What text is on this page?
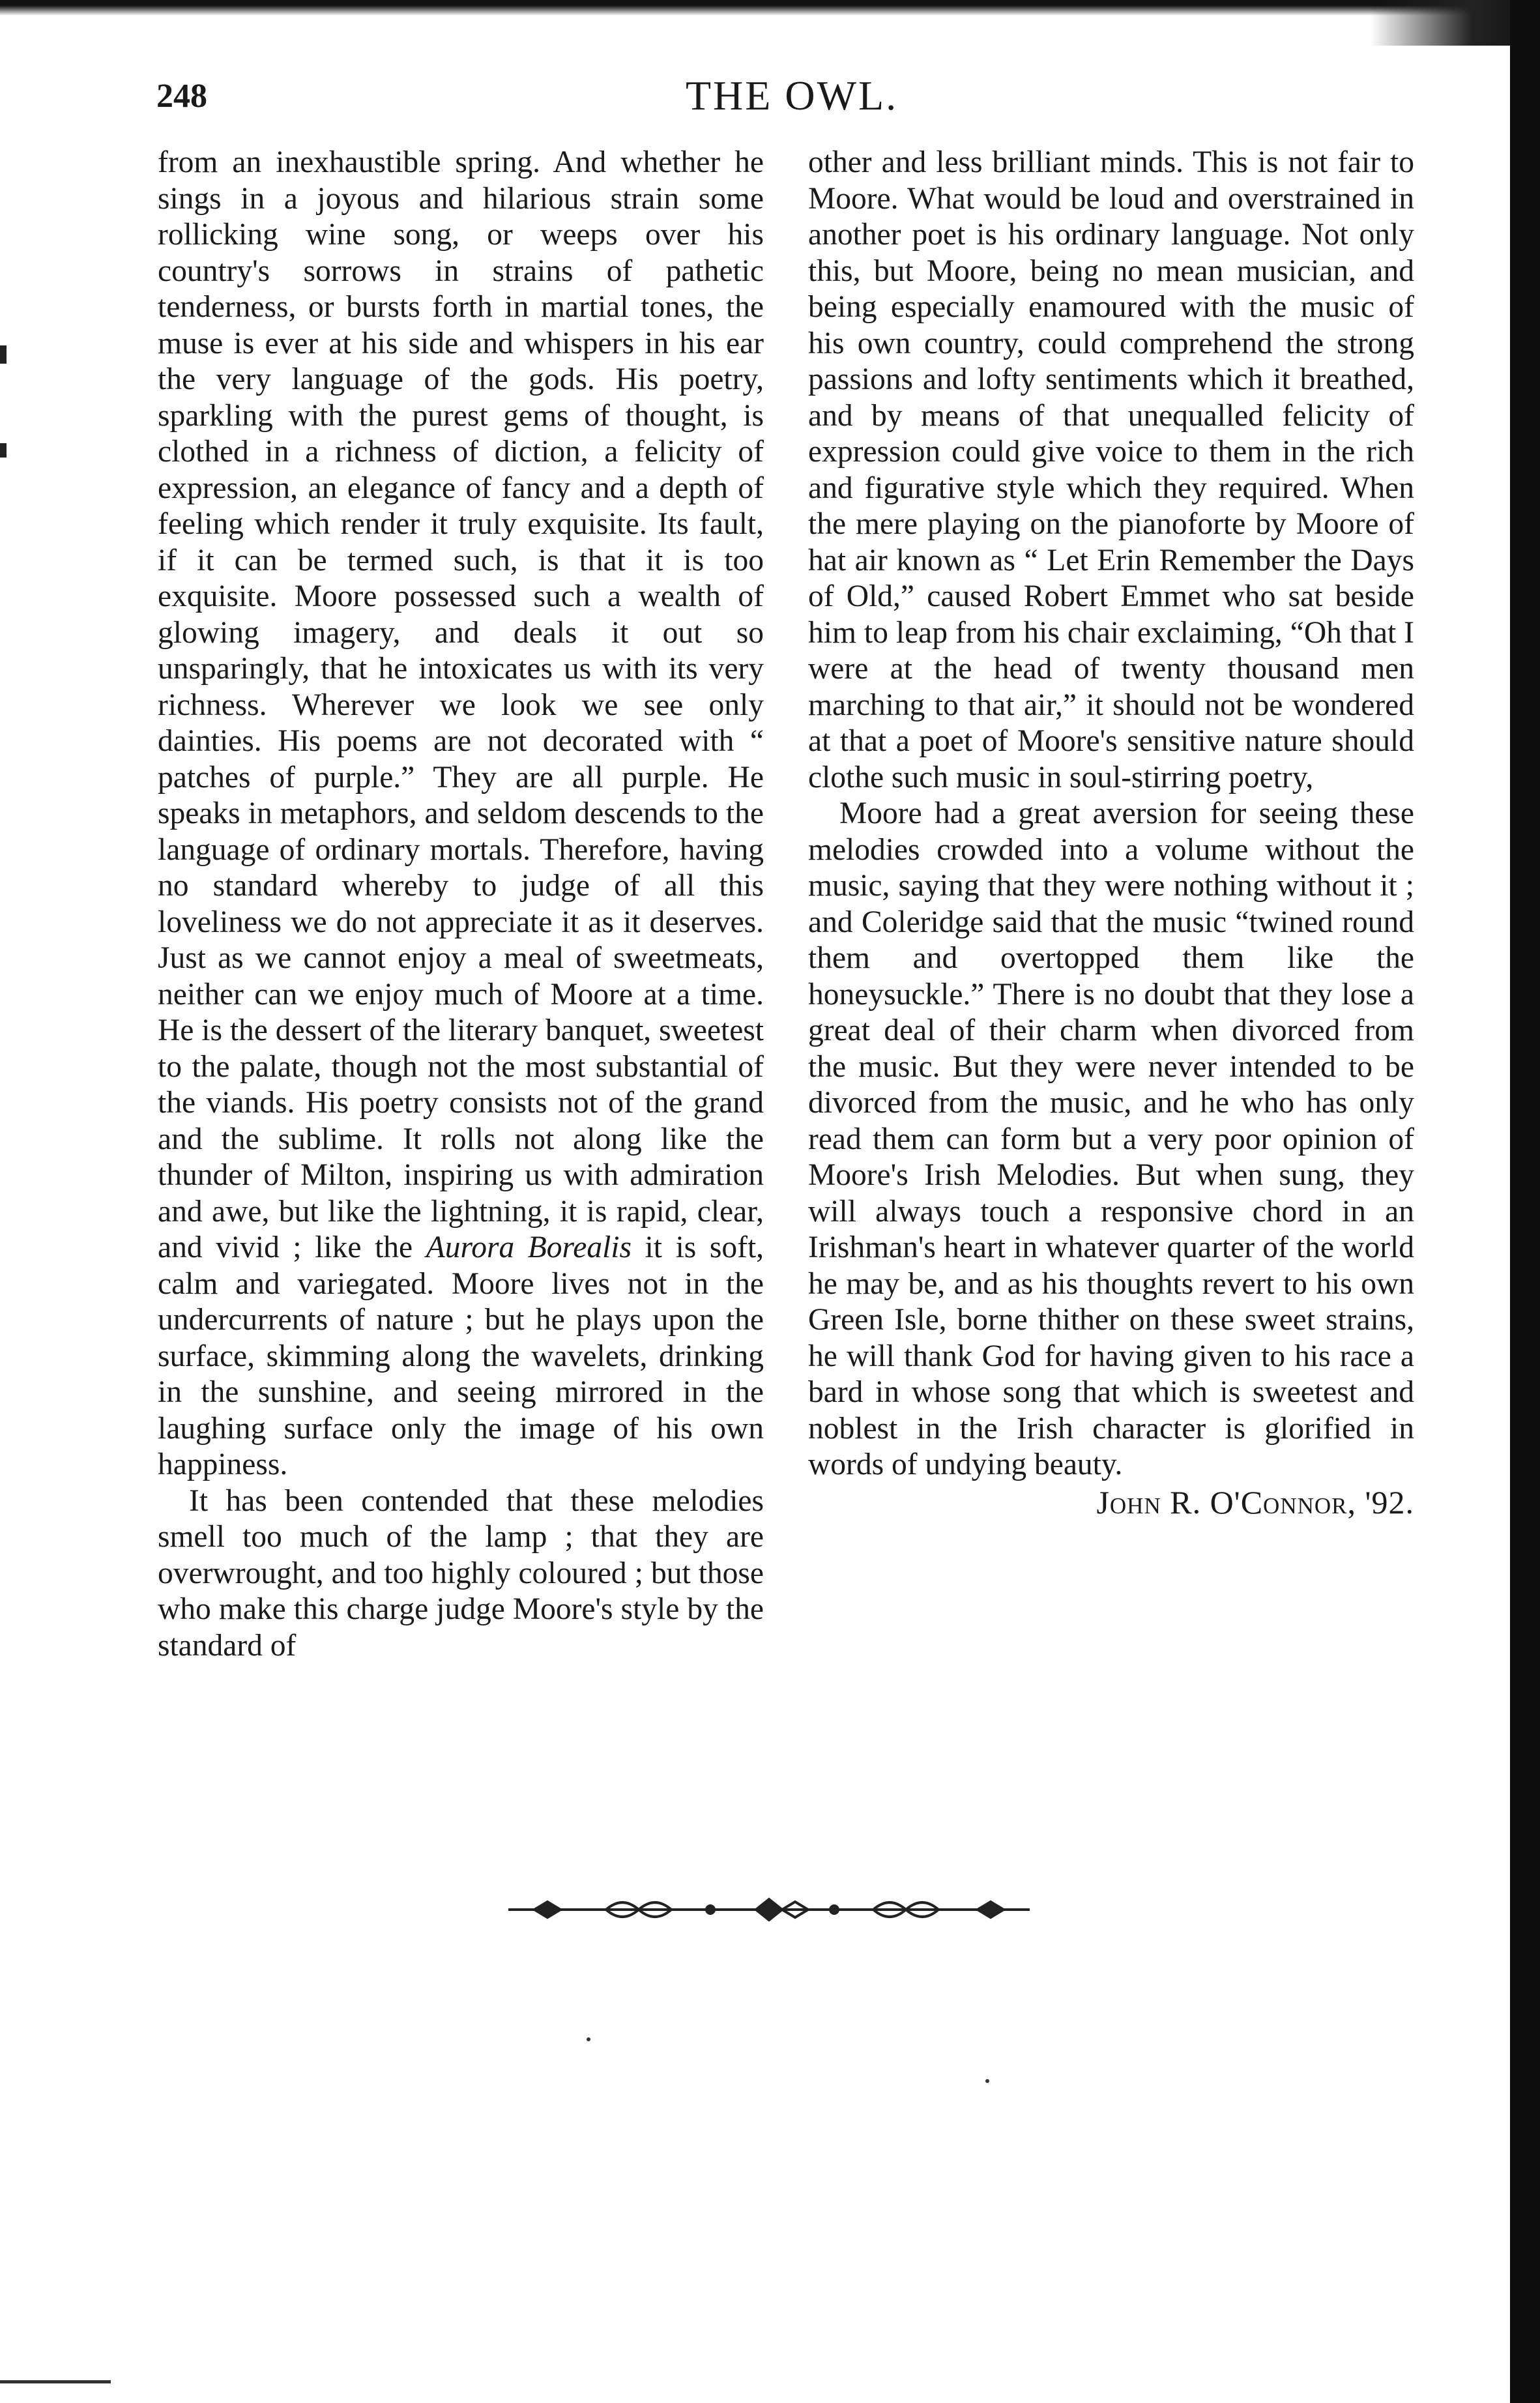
248	THE OWL.

from an inexhaustible spring. And whether he sings in a joyous and hilarious strain some rollicking wine song, or weeps over his country's sorrows in strains of pathetic tenderness, or bursts forth in martial tones, the muse is ever at his side and whispers in his ear the very language of the gods. His poetry, sparkling with the purest gems of thought, is clothed in a richness of diction, a felicity of expression, an elegance of fancy and a depth of feeling which render it truly exquisite. Its fault, if it can be termed such, is that it is too exquisite. Moore possessed such a wealth of glowing imagery, and deals it out so unsparingly, that he intoxicates us with its very richness. Wherever we look we see only dainties. His poems are not decorated with “ patches of purple.” They are all purple. He speaks in metaphors, and seldom descends to the language of ordinary mortals. Therefore, having no standard whereby to judge of all this loveliness we do not appreciate it as it deserves. Just as we cannot enjoy a meal of sweetmeats, neither can we enjoy much of Moore at a time. He is the dessert of the literary banquet, sweetest to the palate, though not the most substantial of the viands. His poetry consists not of the grand and the sublime. It rolls not along like the thunder of Milton, inspiring us with admiration and awe, but like the lightning, it is rapid, clear, and vivid ; like the Aurora Borealis it is soft, calm and variegated. Moore lives not in the undercurrents of nature ; but he plays upon the surface, skimming along the wavelets, drinking in the sunshine, and seeing mirrored in the laughing surface only the image of his own happiness.

It has been contended that these melodies smell too much of the lamp ; that they are overwrought, and too highly coloured ; but those who make this charge judge Moore's style by the standard of

other and less brilliant minds. This is not fair to Moore. What would be loud and overstrained in another poet is his ordinary language. Not only this, but Moore, being no mean musician, and being especially enamoured with the music of his own country, could comprehend the strong passions and lofty sentiments which it breathed, and by means of that unequalled felicity of expression could give voice to them in the rich and figurative style which they required. When the mere playing on the pianoforte by Moore of hat air known as “ Let Erin Remember the Days of Old,” caused Robert Emmet who sat beside him to leap from his chair exclaiming, “Oh that I were at the head of twenty thousand men marching to that air,” it should not be wondered at that a poet of Moore's sensitive nature should clothe such music in soul-stirring poetry,

Moore had a great aversion for seeing these melodies crowded into a volume without the music, saying that they were nothing without it ; and Coleridge said that the music “twined round them and overtopped them like the honeysuckle.” There is no doubt that they lose a great deal of their charm when divorced from the music. But they were never intended to be divorced from the music, and he who has only read them can form but a very poor opinion of Moore's Irish Melodies. But when sung, they will always touch a responsive chord in an Irishman's heart in whatever quarter of the world he may be, and as his thoughts revert to his own Green Isle, borne thither on these sweet strains, he will thank God for having given to his race a bard in whose song that which is sweetest and noblest in the Irish character is glorified in words of undying beauty.

John R. O'Connor, '92.
